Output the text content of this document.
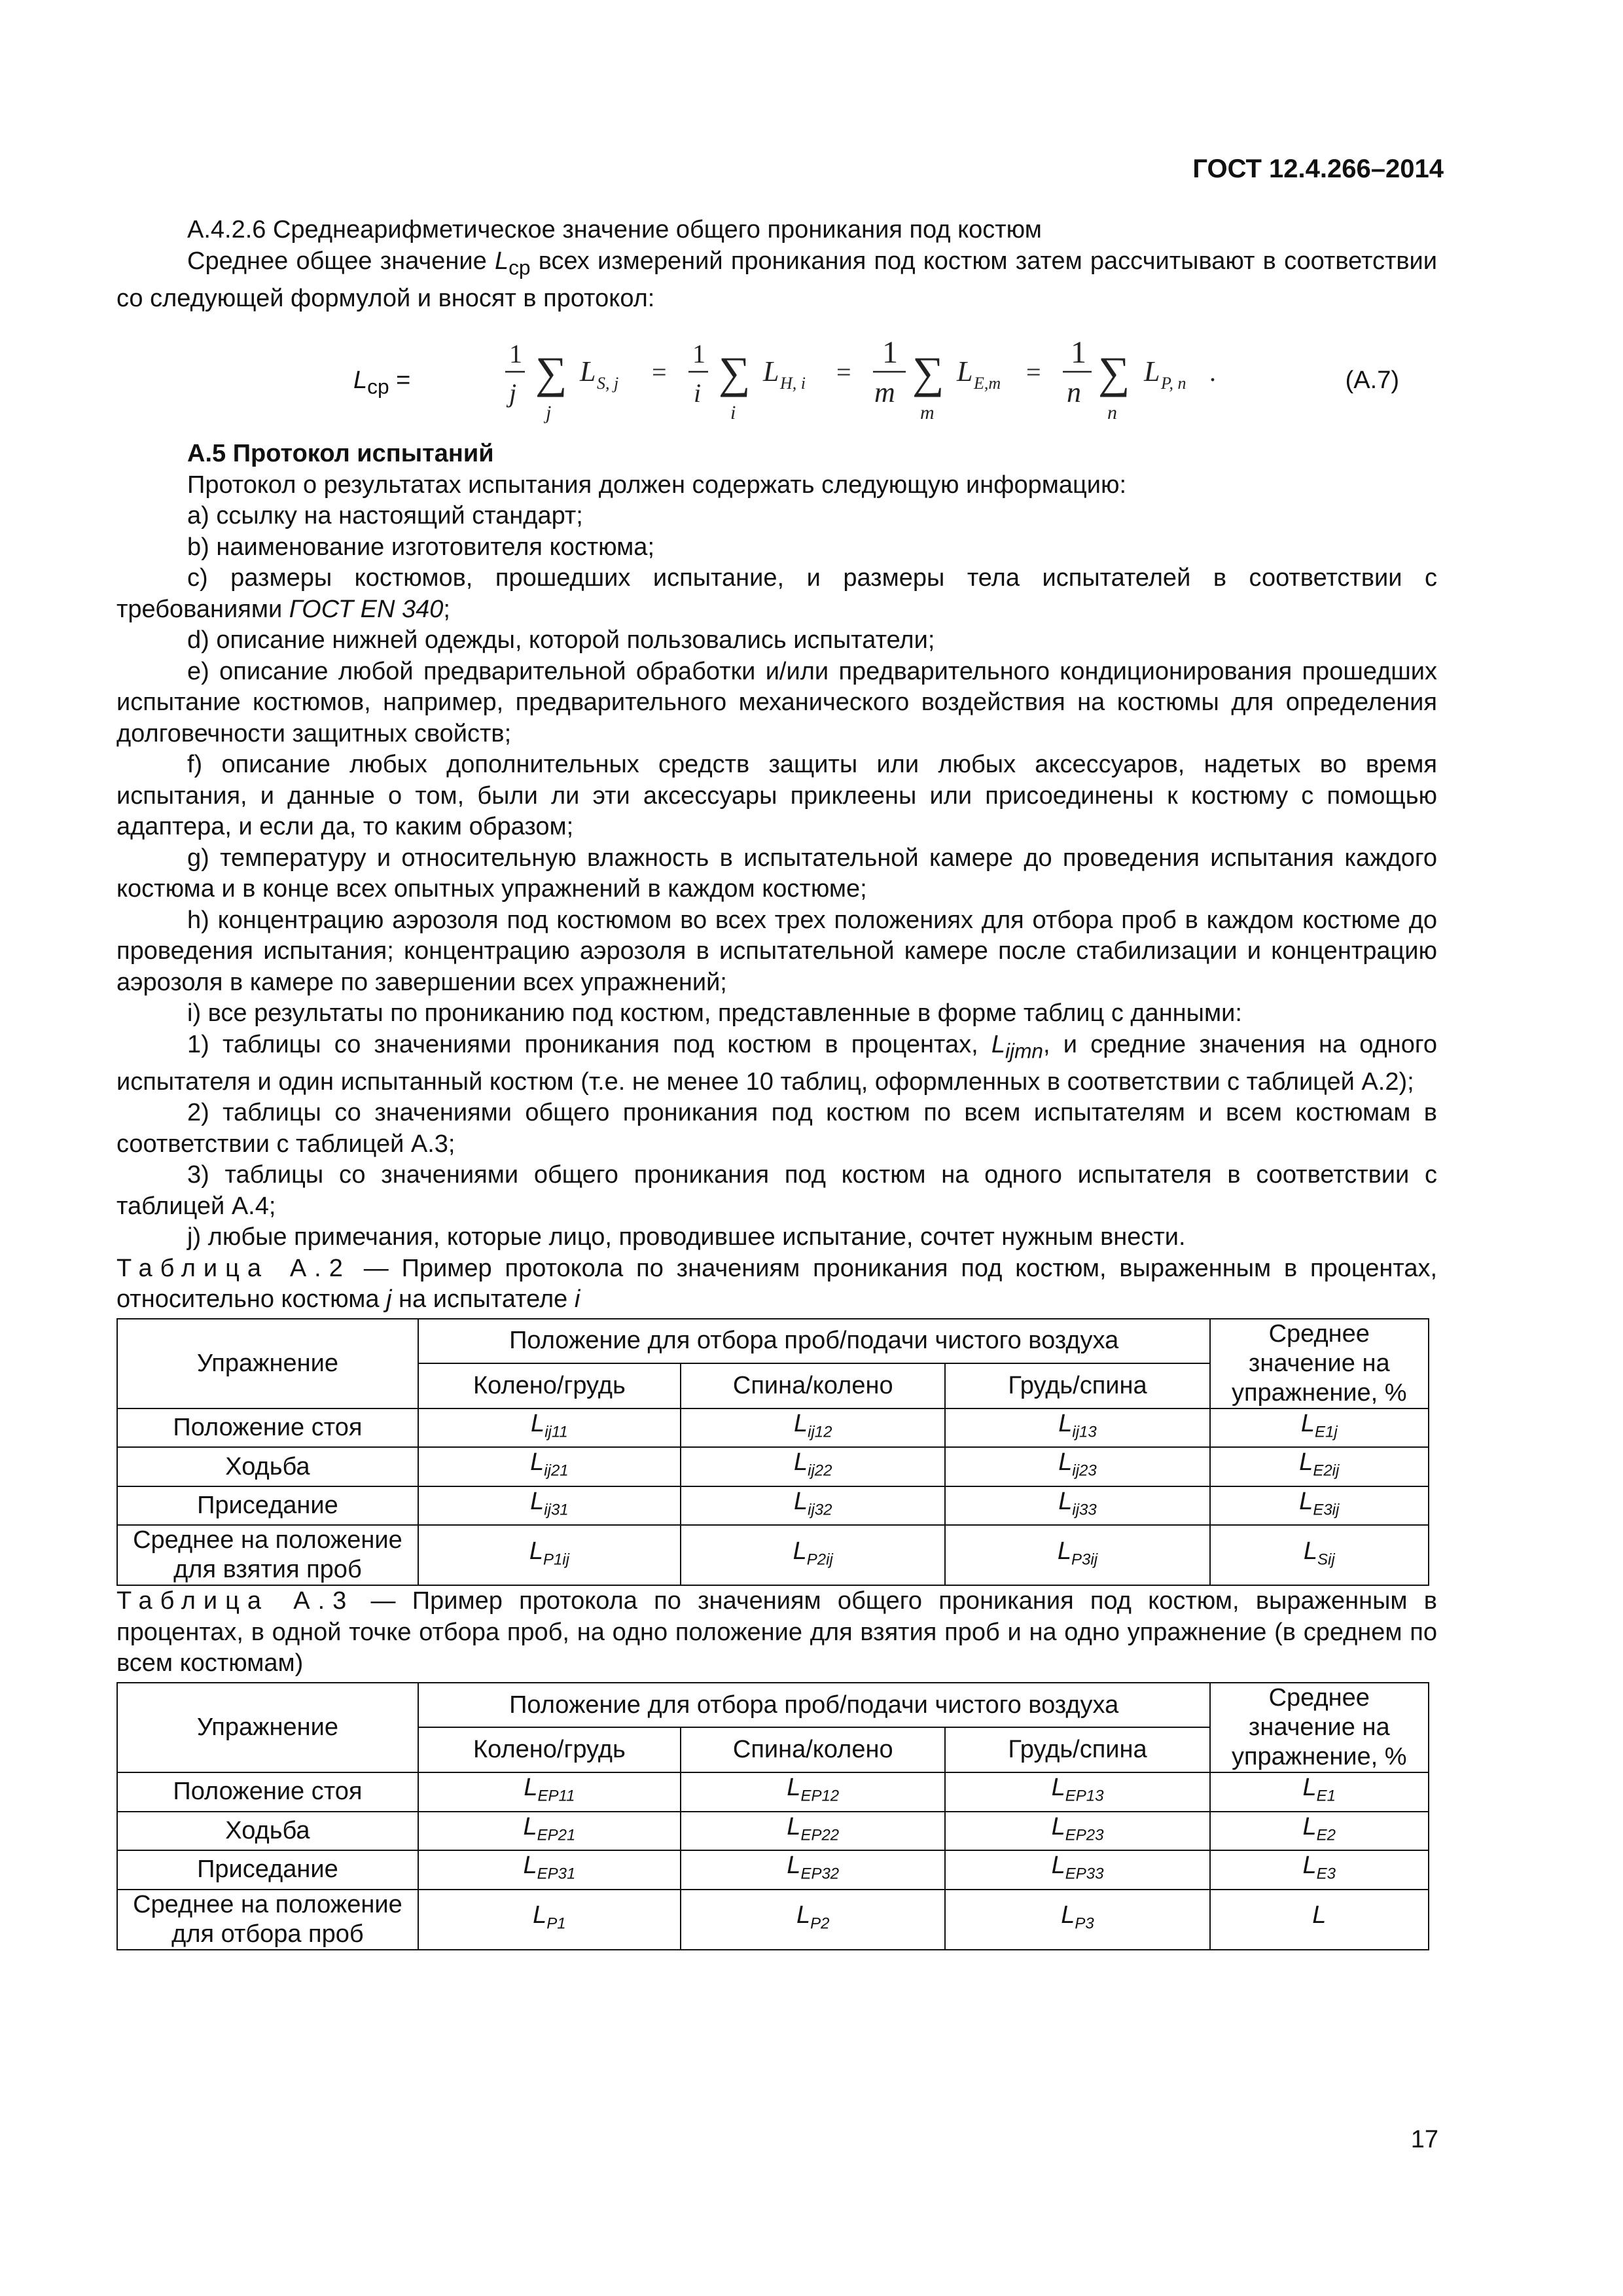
ГОСТ 12.4.266–2014

А.4.2.6 Среднеарифметическое значение общего проникания под костюм

Среднее общее значение $L_{ср}$ всех измерений проникания под костюм затем рассчитывают в соответствии со следующей формулой и вносят в протокол:

$L_{ср}$ =
1
j ∑
j
L S, j =
1
i ∑
i
L H, i =
1
m ∑
m
L E,m =
1
n ∑
n
L P, n .	(А.7)

А.5 Протокол испытаний

Протокол о результатах испытания должен содержать следующую информацию:

а) ссылку на настоящий стандарт;

b) наименование изготовителя костюма;

c) размеры костюмов, прошедших испытание, и размеры тела испытателей в соответствии с требованиями ГОСТ EN 340;

d) описание нижней одежды, которой пользовались испытатели;

e) описание любой предварительной обработки и/или предварительного кондиционирования прошедших испытание костюмов, например, предварительного механического воздействия на костюмы для определения долговечности защитных свойств;

f) описание любых дополнительных средств защиты или любых аксессуаров, надетых во время испытания, и данные о том, были ли эти аксессуары приклеены или присоединены к костюму с помощью адаптера, и если да, то каким образом;

g) температуру и относительную влажность в испытательной камере до проведения испытания каждого костюма и в конце всех опытных упражнений в каждом костюме;

h) концентрацию аэрозоля под костюмом во всех трех положениях для отбора проб в каждом костюме до проведения испытания; концентрацию аэрозоля в испытательной камере после стабилизации и концентрацию аэрозоля в камере по завершении всех упражнений;

i) все результаты по прониканию под костюм, представленные в форме таблиц с данными:

1) таблицы со значениями проникания под костюм в процентах, $L_{ijmn}$, и средние значения на одного испытателя и один испытанный костюм (т.е. не менее 10 таблиц, оформленных в соответствии с таблицей А.2);

2) таблицы со значениями общего проникания под костюм по всем испытателям и всем костюмам в соответствии с таблицей А.3;

3) таблицы со значениями общего проникания под костюм на одного испытателя в соответствии с таблицей А.4;

j) любые примечания, которые лицо, проводившее испытание, сочтет нужным внести.

Таблица А.2 — Пример протокола по значениям проникания под костюм, выраженным в процентах, относительно костюма j на испытателе i

Упражнение	Положение для отбора проб/подачи чистого воздуха			Среднее значение на упражнение, %
	Колено/грудь	Спина/колено	Грудь/спина	
Положение стоя	$L_{ij11}$	$L_{ij12}$	$L_{ij13}$	$L_{E1j}$
Ходьба	$L_{ij21}$	$L_{ij22}$	$L_{ij23}$	$L_{E2ij}$
Приседание	$L_{ij31}$	$L_{ij32}$	$L_{ij33}$	$L_{E3ij}$
Среднее на положение для взятия проб	$L_{P1ij}$	$L_{P2ij}$	$L_{P3ij}$	$L_{Sij}$

Таблица А.3 — Пример протокола по значениям общего проникания под костюм, выраженным в процентах, в одной точке отбора проб, на одно положение для взятия проб и на одно упражнение (в среднем по всем костюмам)

Упражнение	Положение для отбора проб/подачи чистого воздуха			Среднее значение на упражнение, %
	Колено/грудь	Спина/колено	Грудь/спина	
Положение стоя	$L_{EP11}$	$L_{EP12}$	$L_{EP13}$	$L_{E1}$
Ходьба	$L_{EP21}$	$L_{EP22}$	$L_{EP23}$	$L_{E2}$
Приседание	$L_{EP31}$	$L_{EP32}$	$L_{EP33}$	$L_{E3}$
Среднее на положение для отбора проб	$L_{P1}$	$L_{P2}$	$L_{P3}$	L
17
